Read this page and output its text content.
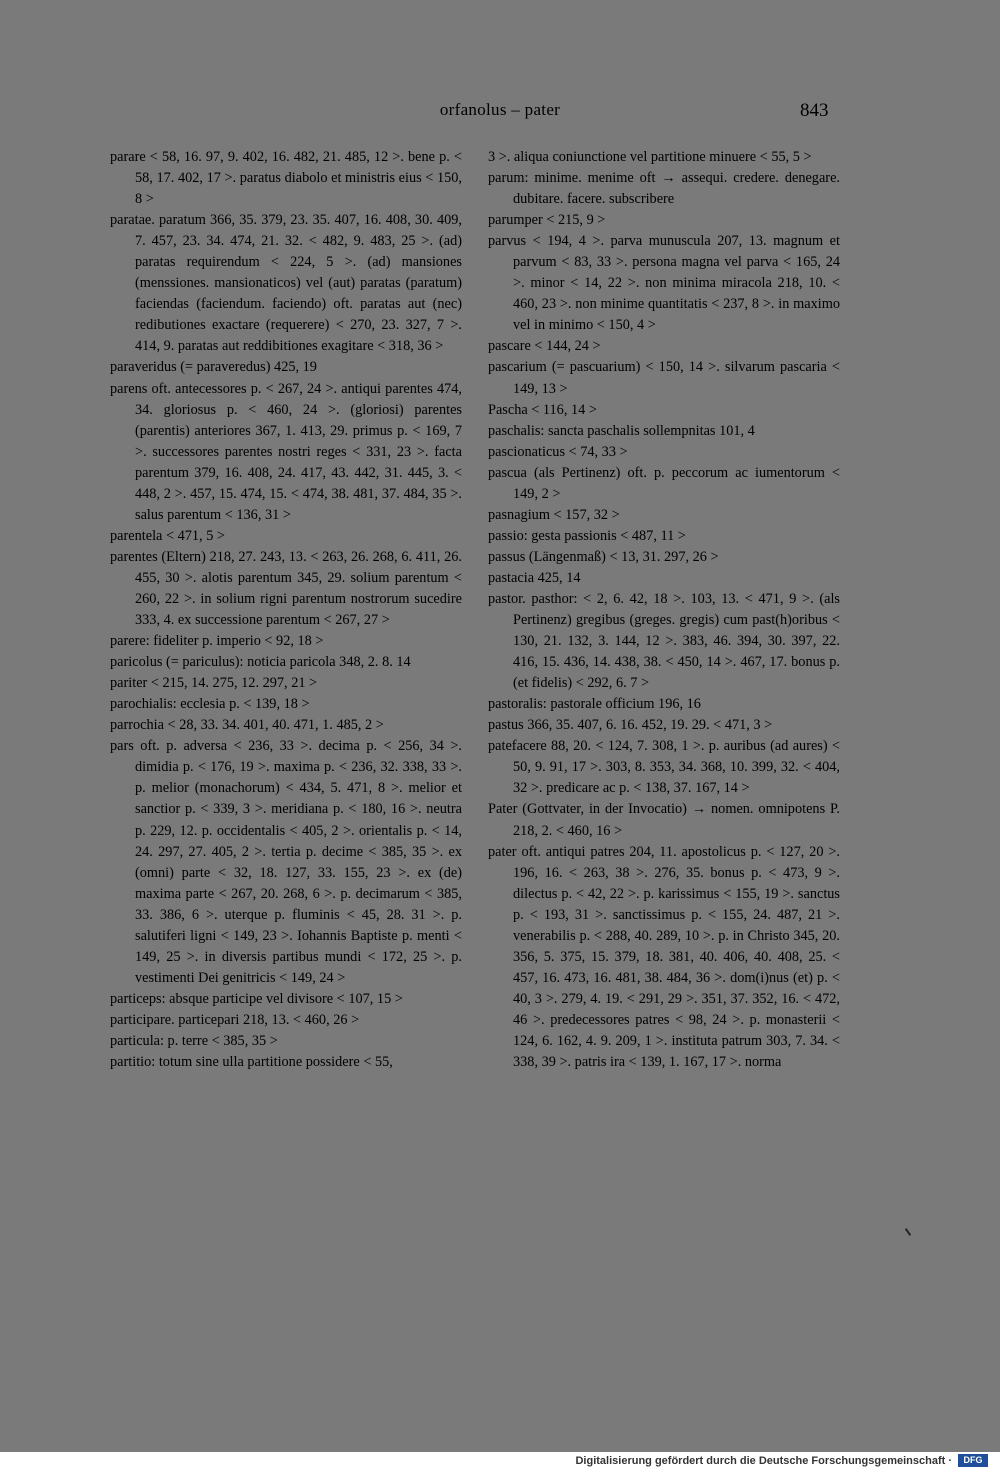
orfanolus – pater	843

parare < 58, 16. 97, 9. 402, 16. 482, 21. 485, 12 >. bene p. < 58, 17. 402, 17 >. paratus diabolo et ministris eius < 150, 8 >

paratae. paratum 366, 35. 379, 23. 35. 407, 16. 408, 30. 409, 7. 457, 23. 34. 474, 21. 32. < 482, 9. 483, 25 >. (ad) paratas requirendum < 224, 5 >. (ad) mansiones (menssiones. mansionaticos) vel (aut) paratas (paratum) faciendas (faciendum. faciendo) oft. paratas aut (nec) redibutiones exactare (requerere) < 270, 23. 327, 7 >. 414, 9. paratas aut reddibitiones exagitare < 318, 36 >

paraveridus (= paraveredus) 425, 19

parens oft. antecessores p. < 267, 24 >. antiqui parentes 474, 34. gloriosus p. < 460, 24 >. (gloriosi) parentes (parentis) anteriores 367, 1. 413, 29. primus p. < 169, 7 >. successores parentes nostri reges < 331, 23 >. facta parentum 379, 16. 408, 24. 417, 43. 442, 31. 445, 3. < 448, 2 >. 457, 15. 474, 15. < 474, 38. 481, 37. 484, 35 >. salus parentum < 136, 31 >

parentela < 471, 5 >

parentes (Eltern) 218, 27. 243, 13. < 263, 26. 268, 6. 411, 26. 455, 30 >. alotis parentum 345, 29. solium parentum < 260, 22 >. in solium rigni parentum nostrorum sucedire 333, 4. ex successione parentum < 267, 27 >

parere: fideliter p. imperio < 92, 18 >

paricolus (= pariculus): noticia paricola 348, 2. 8. 14

pariter < 215, 14. 275, 12. 297, 21 >

parochialis: ecclesia p. < 139, 18 >

parrochia < 28, 33. 34. 401, 40. 471, 1. 485, 2 >

pars oft. p. adversa < 236, 33 >. decima p. < 256, 34 >. dimidia p. < 176, 19 >. maxima p. < 236, 32. 338, 33 >. p. melior (monachorum) < 434, 5. 471, 8 >. melior et sanctior p. < 339, 3 >. meridiana p. < 180, 16 >. neutra p. 229, 12. p. occidentalis < 405, 2 >. orientalis p. < 14, 24. 297, 27. 405, 2 >. tertia p. decime < 385, 35 >. ex (omni) parte < 32, 18. 127, 33. 155, 23 >. ex (de) maxima parte < 267, 20. 268, 6 >. p. decimarum < 385, 33. 386, 6 >. uterque p. fluminis < 45, 28. 31 >. p. salutiferi ligni < 149, 23 >. Iohannis Baptiste p. menti < 149, 25 >. in diversis partibus mundi < 172, 25 >. p. vestimenti Dei genitricis < 149, 24 >

particeps: absque participe vel divisore < 107, 15 >

participare. particepari 218, 13. < 460, 26 >

particula: p. terre < 385, 35 >

partitio: totum sine ulla partitione possidere < 55,

3 >. aliqua coniunctione vel partitione minuere < 55, 5 >

parum: minime. menime oft → assequi. credere. denegare. dubitare. facere. subscribere

parumper < 215, 9 >

parvus < 194, 4 >. parva munuscula 207, 13. magnum et parvum < 83, 33 >. persona magna vel parva < 165, 24 >. minor < 14, 22 >. non minima miracola 218, 10. < 460, 23 >. non minime quantitatis < 237, 8 >. in maximo vel in minimo < 150, 4 >

pascare < 144, 24 >

pascarium (= pascuarium) < 150, 14 >. silvarum pascaria < 149, 13 >

Pascha < 116, 14 >

paschalis: sancta paschalis sollempnitas 101, 4

pascionaticus < 74, 33 >

pascua (als Pertinenz) oft. p. peccorum ac iumentorum < 149, 2 >

pasnagium < 157, 32 >

passio: gesta passionis < 487, 11 >

passus (Längenmaß) < 13, 31. 297, 26 >

pastacia 425, 14

pastor. pasthor: < 2, 6. 42, 18 >. 103, 13. < 471, 9 >. (als Pertinenz) gregibus (greges. gregis) cum past(h)oribus < 130, 21. 132, 3. 144, 12 >. 383, 46. 394, 30. 397, 22. 416, 15. 436, 14. 438, 38. < 450, 14 >. 467, 17. bonus p. (et fidelis) < 292, 6. 7 >

pastoralis: pastorale officium 196, 16

pastus 366, 35. 407, 6. 16. 452, 19. 29. < 471, 3 >

patefacere 88, 20. < 124, 7. 308, 1 >. p. auribus (ad aures) < 50, 9. 91, 17 >. 303, 8. 353, 34. 368, 10. 399, 32. < 404, 32 >. predicare ac p. < 138, 37. 167, 14 >

Pater (Gottvater, in der Invocatio) → nomen. omnipotens P. 218, 2. < 460, 16 >

pater oft. antiqui patres 204, 11. apostolicus p. < 127, 20 >. 196, 16. < 263, 38 >. 276, 35. bonus p. < 473, 9 >. dilectus p. < 42, 22 >. p. karissimus < 155, 19 >. sanctus p. < 193, 31 >. sanctissimus p. < 155, 24. 487, 21 >. venerabilis p. < 288, 40. 289, 10 >. p. in Christo 345, 20. 356, 5. 375, 15. 379, 18. 381, 40. 406, 40. 408, 25. < 457, 16. 473, 16. 481, 38. 484, 36 >. dom(i)nus (et) p. < 40, 3 >. 279, 4. 19. < 291, 29 >. 351, 37. 352, 16. < 472, 46 >. predecessores patres < 98, 24 >. p. monasterii < 124, 6. 162, 4. 9. 209, 1 >. instituta patrum 303, 7. 34. < 338, 39 >. patris ira < 139, 1. 167, 17 >. norma

Digitalisierung gefördert durch die Deutsche Forschungsgemeinschaft ·	DFG
